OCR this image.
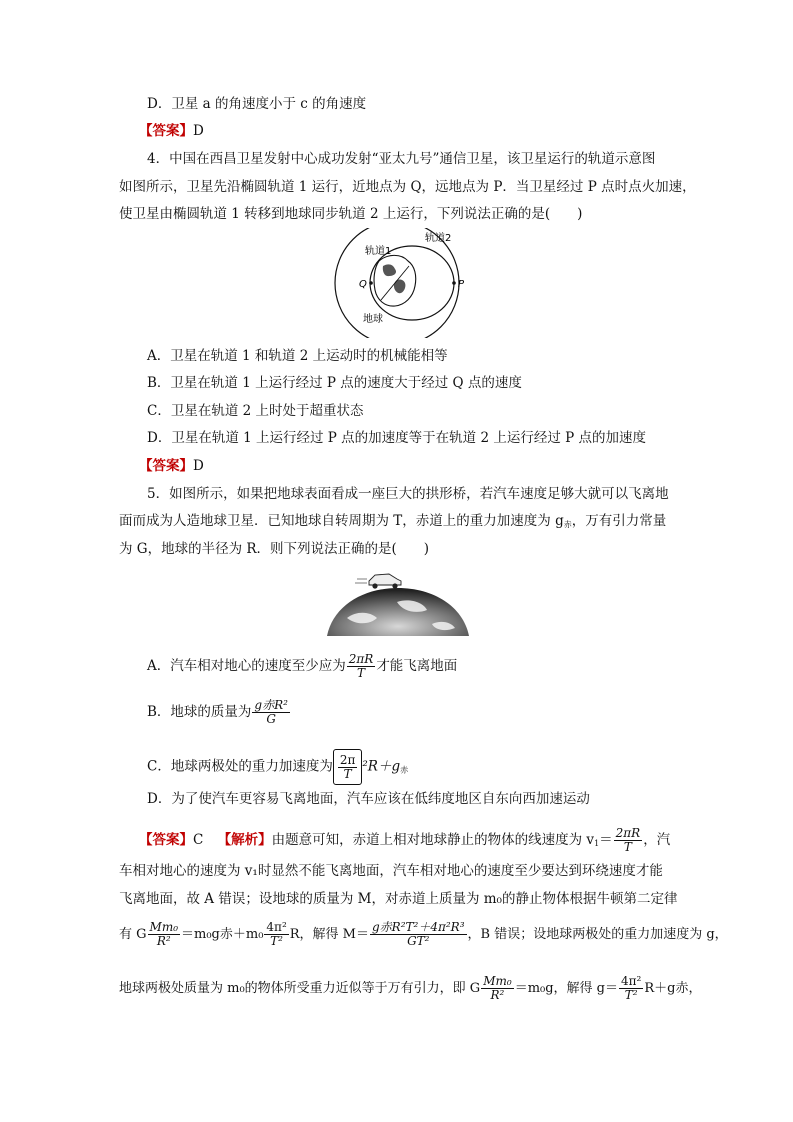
D．卫星 a 的角速度小于 c 的角速度
【答案】D
4．中国在西昌卫星发射中心成功发射“亚太九号”通信卫星，该卫星运行的轨道示意图
如图所示，卫星先沿椭圆轨道 1 运行，近地点为 Q，远地点为 P．当卫星经过 P 点时点火加速，
使卫星由椭圆轨道 1 转移到地球同步轨道 2 上运行，下列说法正确的是(　　)
轨道1
轨道2
Q	P
地球
A．卫星在轨道 1 和轨道 2 上运动时的机械能相等
B．卫星在轨道 1 上运行经过 P 点的速度大于经过 Q 点的速度
C．卫星在轨道 2 上时处于超重状态
D．卫星在轨道 1 上运行经过 P 点的加速度等于在轨道 2 上运行经过 P 点的加速度
【答案】D
5．如图所示，如果把地球表面看成一座巨大的拱形桥，若汽车速度足够大就可以飞离地
面而成为人造地球卫星．已知地球自转周期为 T，赤道上的重力加速度为 $g_赤$，万有引力常量
为 G，地球的半径为 R．则下列说法正确的是(　　)
A．汽车相对地心的速度至少应为 $\frac{2\pi R}{T}$ 才能飞离地面
B．地球的质量为 $\frac{\text{g赤R²}}{G}$
C．地球两极处的重力加速度为 $\frac{2\pi}{T} ^2R+g_赤$
D．为了使汽车更容易飞离地面，汽车应该在低纬度地区自东向西加速运动
【答案】C 【解析】由题意可知，赤道上相对地球静止的物体的线速度为 $v_1= \frac{2\pi R}{T}$ ，汽
车相对地心的速度为 v₁时显然不能飞离地面，汽车相对地心的速度至少要达到环绕速度才能
飞离地面，故 A 错误；设地球的质量为 M，对赤道上质量为 m₀的静止物体根据牛顿第二定律
有 G $\frac{\text{Mm₀}}{\text{R²}} =m_0g$赤$+m_0 \frac{\text{4π²}}{\text{T²}}$ R，解得 $M= \frac{\text{g赤R²T²＋4π²R³}}{\text{GT²}}$ ，B 错误；设地球两极处的重力加速度为 g，
地球两极处质量为 m₀的物体所受重力近似等于万有引力，即 G $\frac{\text{Mm₀}}{\text{R²}} =m_0g$，解得 $g= \frac{\text{4π²}}{\text{T²}} R+g$赤，
